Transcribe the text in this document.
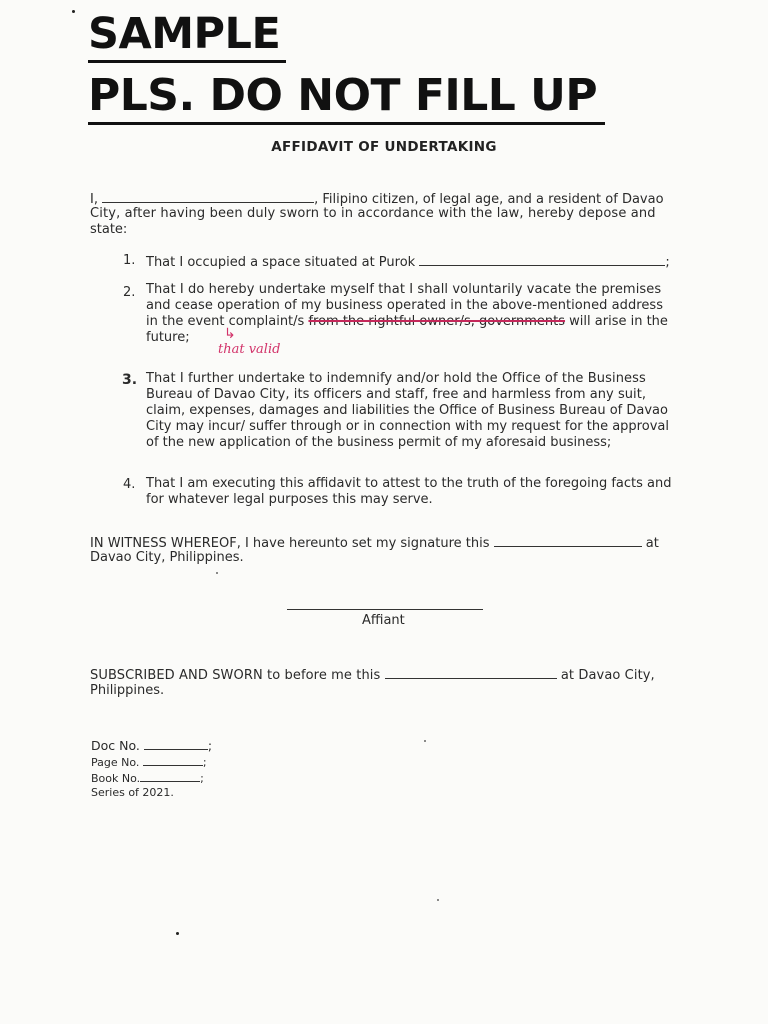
SAMPLE
PLS. DO NOT FILL UP
AFFIDAVIT OF UNDERTAKING
I,	, Filipino citizen, of legal age, and a resident of Davao
City, after having been duly sworn to in accordance with the law, hereby depose and
state:
1. That I occupied a space situated at Purok	;
2. That I do hereby undertake myself that I shall voluntarily vacate the premises
and cease operation of my business operated in the above-mentioned address
in the event complaint/s from the rightful owner/s, governments will arise in the
future; ↳
that valid
3. That I further undertake to indemnify and/or hold the Office of the Business
Bureau of Davao City, its officers and staff, free and harmless from any suit,
claim, expenses, damages and liabilities the Office of Business Bureau of Davao
City may incur/ suffer through or in connection with my request for the approval
of the new application of the business permit of my aforesaid business;
4. That I am executing this affidavit to attest to the truth of the foregoing facts and
for whatever legal purposes this may serve.
IN WITNESS WHEREOF, I have hereunto set my signature this	at
Davao City, Philippines.
Affiant
SUBSCRIBED AND SWORN to before me this	at Davao City,
Philippines.
Doc No.	;
Page No.	;
Book No.	;
Series of 2021.
